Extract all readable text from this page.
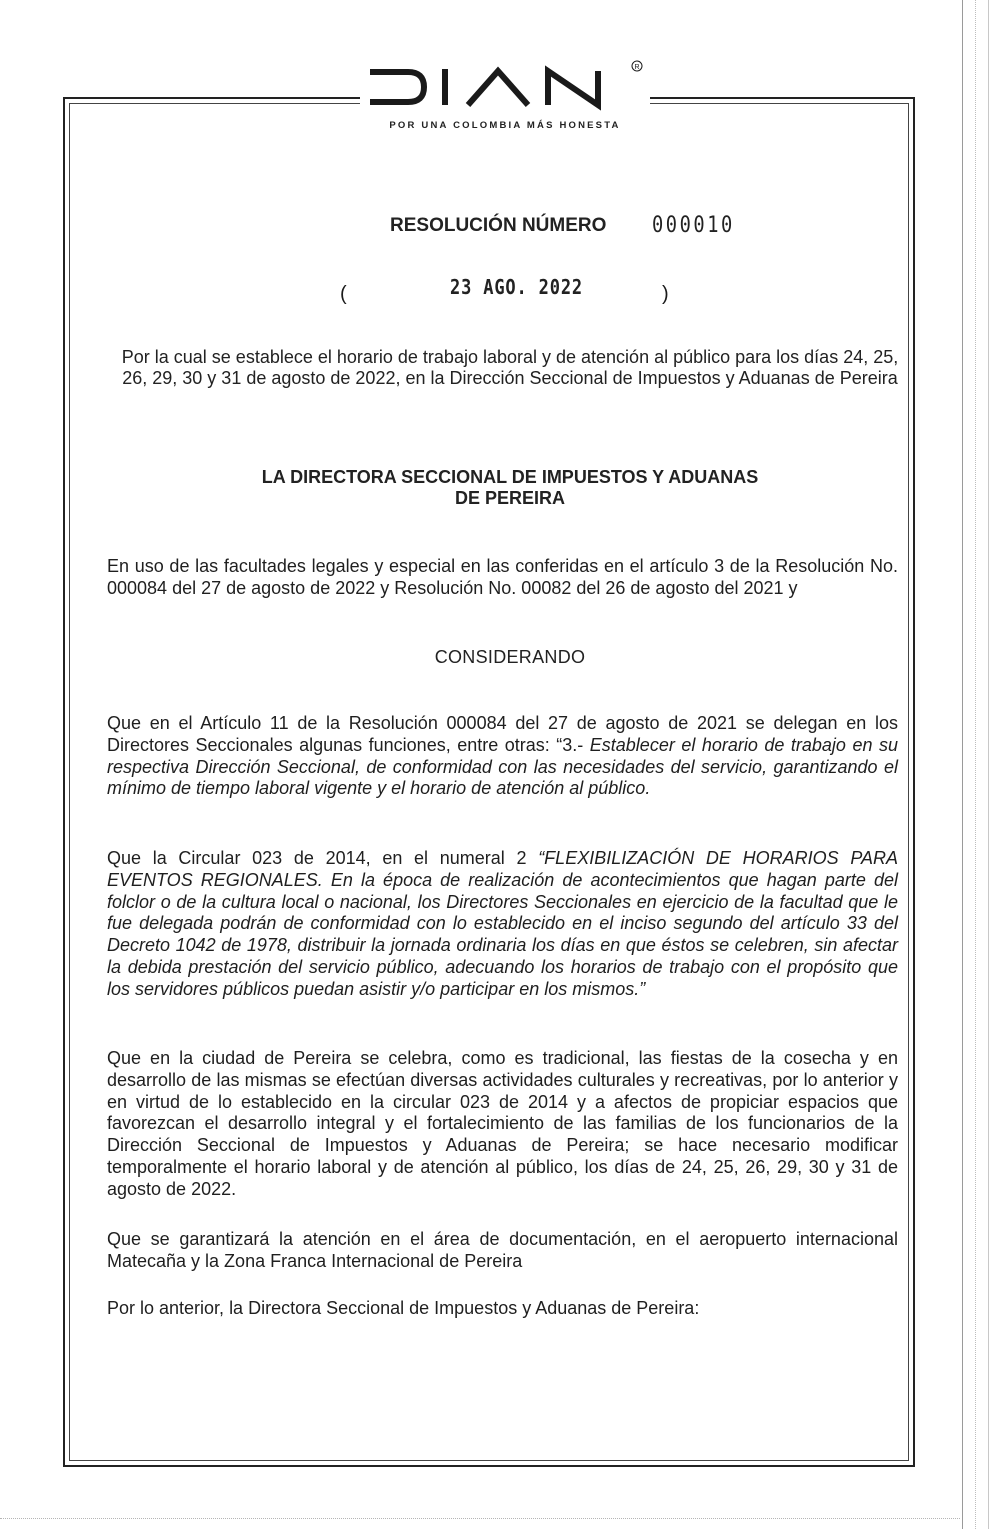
R
POR UNA COLOMBIA MÁS HONESTA
RESOLUCIÓN NÚMERO 000010
(	23 AGO. 2022	)
Por la cual se establece el horario de trabajo laboral y de atención al público para los días 24, 25, 26, 29, 30 y 31 de agosto de 2022, en la Dirección Seccional de Impuestos y Aduanas de Pereira
LA DIRECTORA SECCIONAL DE IMPUESTOS Y ADUANAS
DE PEREIRA
En uso de las facultades legales y especial en las conferidas en el artículo 3 de la Resolución No. 000084 del 27 de agosto de 2022 y Resolución No. 00082 del 26 de agosto del 2021 y
CONSIDERANDO
Que en el Artículo 11 de la Resolución 000084 del 27 de agosto de 2021 se delegan en los Directores Seccionales algunas funciones, entre otras: “3.- Establecer el horario de trabajo en su respectiva Dirección Seccional, de conformidad con las necesidades del servicio, garantizando el mínimo de tiempo laboral vigente y el horario de atención al público.
Que la Circular 023 de 2014, en el numeral 2 “FLEXIBILIZACIÓN DE HORARIOS PARA EVENTOS REGIONALES. En la época de realización de acontecimientos que hagan parte del folclor o de la cultura local o nacional, los Directores Seccionales en ejercicio de la facultad que le fue delegada podrán de conformidad con lo establecido en el inciso segundo del artículo 33 del Decreto 1042 de 1978, distribuir la jornada ordinaria los días en que éstos se celebren, sin afectar la debida prestación del servicio público, adecuando los horarios de trabajo con el propósito que los servidores públicos puedan asistir y/o participar en los mismos.”
Que en la ciudad de Pereira se celebra, como es tradicional, las fiestas de la cosecha y en desarrollo de las mismas se efectúan diversas actividades culturales y recreativas, por lo anterior y en virtud de lo establecido en la circular 023 de 2014 y a afectos de propiciar espacios que favorezcan el desarrollo integral y el fortalecimiento de las familias de los funcionarios de la Dirección Seccional de Impuestos y Aduanas de Pereira; se hace necesario modificar temporalmente el horario laboral y de atención al público, los días de 24, 25, 26, 29, 30 y 31 de agosto de 2022.
Que se garantizará la atención en el área de documentación, en el aeropuerto internacional Matecaña y la Zona Franca Internacional de Pereira
Por lo anterior, la Directora Seccional de Impuestos y Aduanas de Pereira:
